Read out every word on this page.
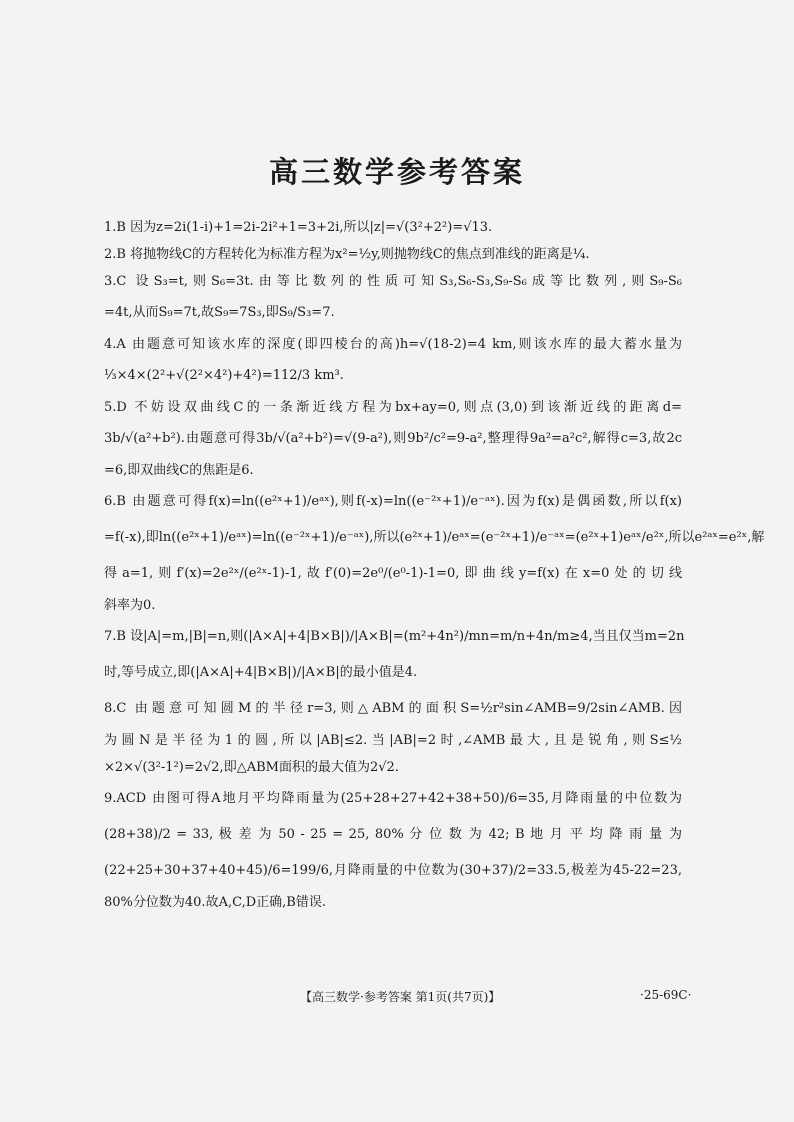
高三数学参考答案
1.B 因为z=2i(1-i)+1=2i-2i²+1=3+2i,所以|z|=√(3²+2²)=√13.
2.B 将抛物线C的方程转化为标准方程为x²=½y,则抛物线C的焦点到准线的距离是¼.
3.C 设S₃=t,则S₆=3t.由等比数列的性质可知S₃,S₆-S₃,S₉-S₆成等比数列,则S₉-S₆
=4t,从而S₉=7t,故S₉=7S₃,即S₉/S₃=7.
4.A 由题意可知该水库的深度(即四棱台的高)h=√(18-2)=4 km,则该水库的最大蓄水量为
⅓×4×(2²+√(2²×4²)+4²)=112/3 km³.
5.D 不妨设双曲线C的一条渐近线方程为bx+ay=0,则点(3,0)到该渐近线的距离d=
3b/√(a²+b²).由题意可得3b/√(a²+b²)=√(9-a²),则9b²/c²=9-a²,整理得9a²=a²c²,解得c=3,故2c
=6,即双曲线C的焦距是6.
6.B 由题意可得f(x)=ln((e²ˣ+1)/eᵃˣ),则f(-x)=ln((e⁻²ˣ+1)/e⁻ᵃˣ).因为f(x)是偶函数,所以f(x)
=f(-x),即ln((e²ˣ+1)/eᵃˣ)=ln((e⁻²ˣ+1)/e⁻ᵃˣ),所以(e²ˣ+1)/eᵃˣ=(e⁻²ˣ+1)/e⁻ᵃˣ=(e²ˣ+1)eᵃˣ/e²ˣ,所以e²ᵃˣ=e²ˣ,解
得a=1,则f′(x)=2e²ˣ/(e²ˣ-1)-1,故f′(0)=2e⁰/(e⁰-1)-1=0,即曲线y=f(x)在x=0处的切线
斜率为0.
7.B 设|A|=m,|B|=n,则(|A×A|+4|B×B|)/|A×B|=(m²+4n²)/mn=m/n+4n/m≥4,当且仅当m=2n
时,等号成立,即(|A×A|+4|B×B|)/|A×B|的最小值是4.
8.C 由题意可知圆M的半径r=3,则△ABM的面积S=½r²sin∠AMB=9/2sin∠AMB.因
为圆N是半径为1的圆,所以|AB|≤2.当|AB|=2时,∠AMB最大,且是锐角,则S≤½
×2×√(3²-1²)=2√2,即△ABM面积的最大值为2√2.
9.ACD 由图可得A地月平均降雨量为(25+28+27+42+38+50)/6=35,月降雨量的中位数为
(28+38)/2 = 33, 极 差 为 50 - 25 = 25, 80% 分 位 数 为 42; B 地 月 平 均 降 雨 量 为
(22+25+30+37+40+45)/6=199/6,月降雨量的中位数为(30+37)/2=33.5,极差为45-22=23,
80%分位数为40.故A,C,D正确,B错误.
【高三数学·参考答案 第1页(共7页)】	·25-69C·
